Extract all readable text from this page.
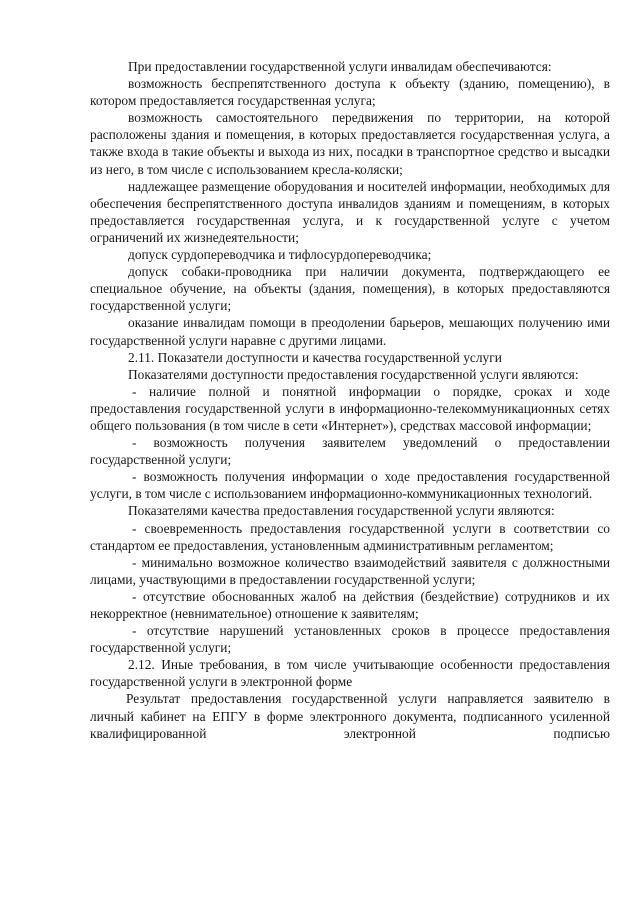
При предоставлении государственной услуги инвалидам обеспечиваются:

возможность беспрепятственного доступа к объекту (зданию, помещению), в котором предоставляется государственная услуга;

возможность самостоятельного передвижения по территории, на которой расположены здания и помещения, в которых предоставляется государственная услуга, а также входа в такие объекты и выхода из них, посадки в транспортное средство и высадки из него, в том числе с использованием кресла-коляски;

надлежащее размещение оборудования и носителей информации, необходимых для обеспечения беспрепятственного доступа инвалидов зданиям и помещениям, в которых предоставляется государственная услуга, и к государственной услуге с учетом ограничений их жизнедеятельности;

допуск сурдопереводчика и тифлосурдопереводчика;

допуск собаки-проводника при наличии документа, подтверждающего ее специальное обучение, на объекты (здания, помещения), в которых предоставляются государственной услуги;

оказание инвалидам помощи в преодолении барьеров, мешающих получению ими государственной услуги наравне с другими лицами.

2.11. Показатели доступности и качества государственной услуги

Показателями доступности предоставления государственной услуги являются:

- наличие полной и понятной информации о порядке, сроках и ходе предоставления государственной услуги в информационно-телекоммуникационных сетях общего пользования (в том числе в сети «Интернет»), средствах массовой информации;

- возможность получения заявителем уведомлений о предоставлении государственной услуги;

- возможность получения информации о ходе предоставления государственной услуги, в том числе с использованием информационно-коммуникационных технологий.

Показателями качества предоставления государственной услуги являются:

- своевременность предоставления государственной услуги в соответствии со стандартом ее предоставления, установленным административным регламентом;

- минимально возможное количество взаимодействий заявителя с должностными лицами, участвующими в предоставлении государственной услуги;

- отсутствие обоснованных жалоб на действия (бездействие) сотрудников и их некорректное (невнимательное) отношение к заявителям;

- отсутствие нарушений установленных сроков в процессе предоставления государственной услуги;

2.12. Иные требования, в том числе учитывающие особенности предоставления государственной услуги в электронной форме

Результат предоставления государственной услуги направляется заявителю в личный кабинет на ЕПГУ в форме электронного документа, подписанного усиленной квалифицированной электронной подписью
